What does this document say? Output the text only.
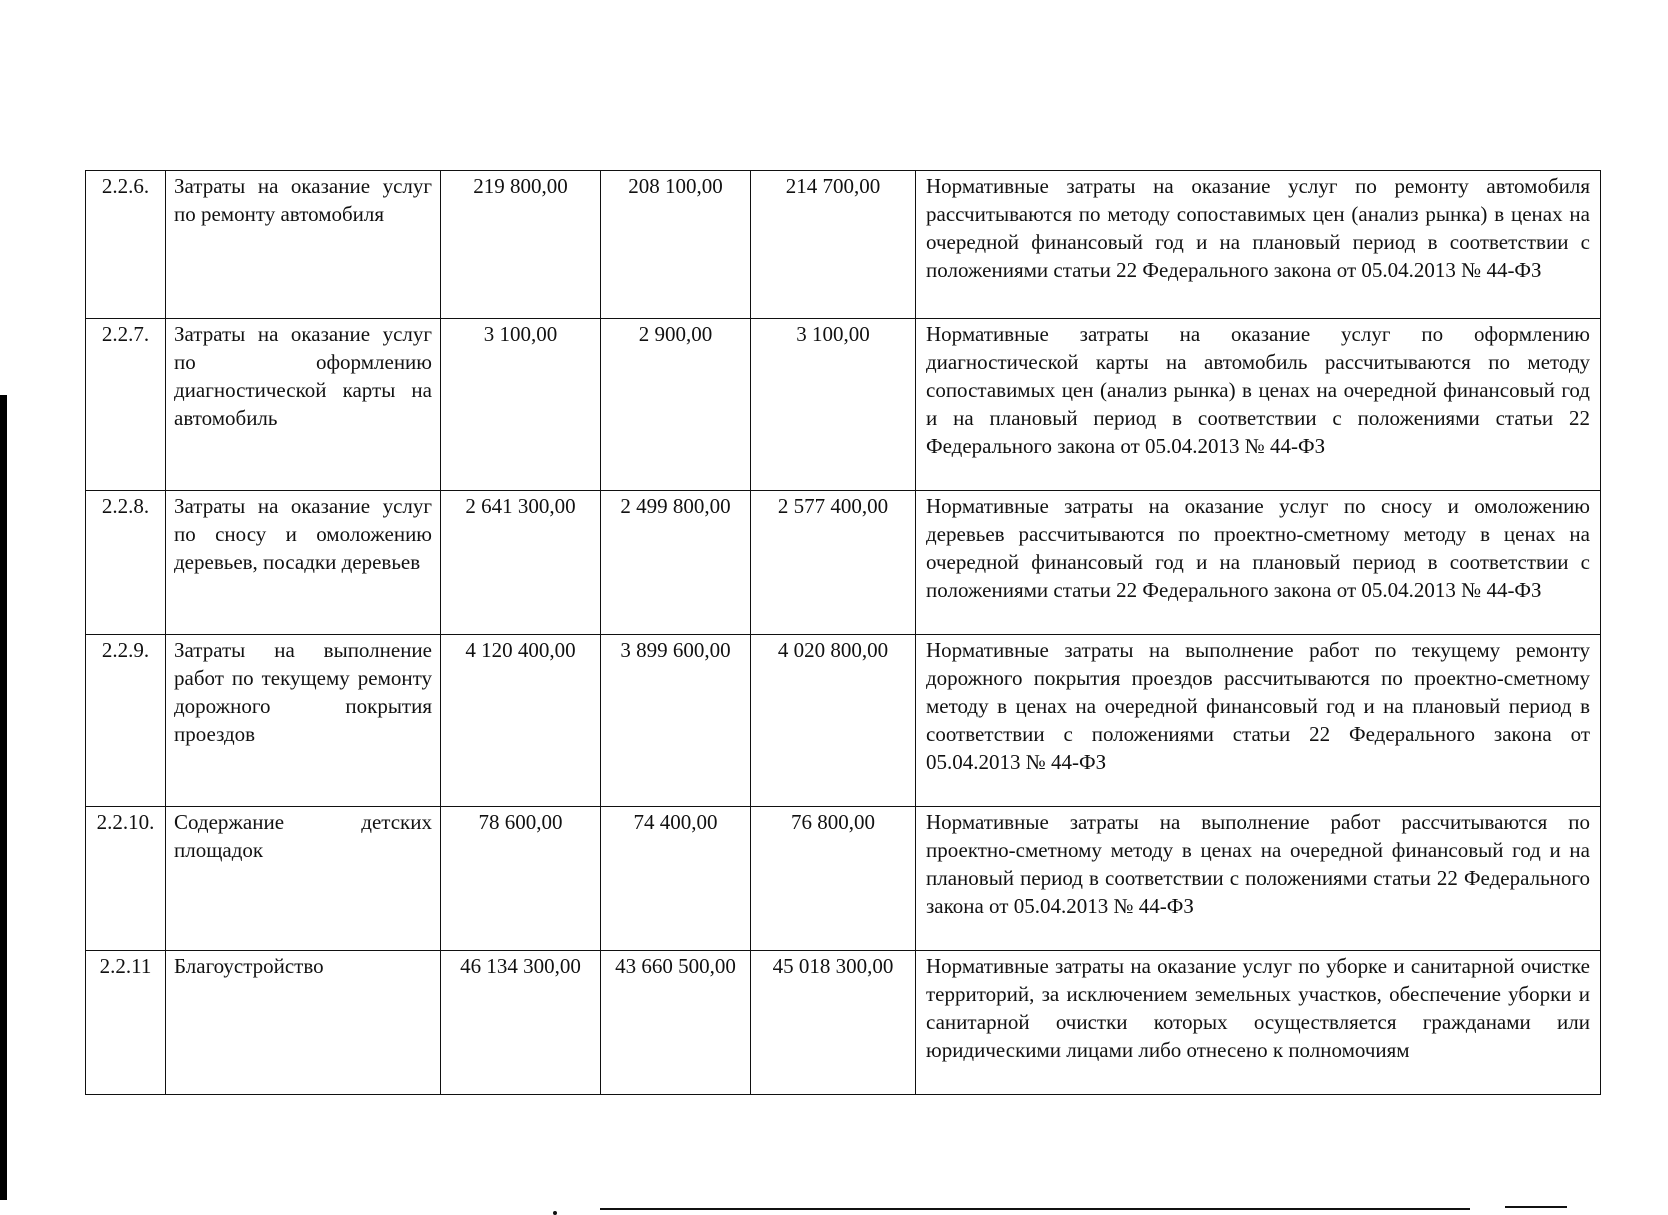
2.2.6.	Затраты на оказание услуг по ремонту автомобиля	219 800,00	208 100,00	214 700,00	Нормативные затраты на оказание услуг по ремонту автомобиля рассчитываются по методу сопоставимых цен (анализ рынка) в ценах на очередной финансовый год и на плановый период в соответствии с положениями статьи 22 Федерального закона от 05.04.2013 № 44-ФЗ
2.2.7.	Затраты на оказание услуг по оформлению диагностической карты на автомобиль	3 100,00	2 900,00	3 100,00	Нормативные затраты на оказание услуг по оформлению диагностической карты на автомобиль рассчитываются по методу сопоставимых цен (анализ рынка) в ценах на очередной финансовый год и на плановый период в соответствии с положениями статьи 22 Федерального закона от 05.04.2013 № 44-ФЗ
2.2.8.	Затраты на оказание услуг по сносу и омоложению деревьев, посадки деревьев	2 641 300,00	2 499 800,00	2 577 400,00	Нормативные затраты на оказание услуг по сносу и омоложению деревьев рассчитываются по проектно-сметному методу в ценах на очередной финансовый год и на плановый период в соответствии с положениями статьи 22 Федерального закона от 05.04.2013 № 44-ФЗ
2.2.9.	Затраты на выполнение работ по текущему ремонту дорожного покрытия проездов	4 120 400,00	3 899 600,00	4 020 800,00	Нормативные затраты на выполнение работ по текущему ремонту дорожного покрытия проездов рассчитываются по проектно-сметному методу в ценах на очередной финансовый год и на плановый период в соответствии с положениями статьи 22 Федерального закона от 05.04.2013 № 44-ФЗ
2.2.10.	Содержание детских площадок	78 600,00	74 400,00	76 800,00	Нормативные затраты на выполнение работ рассчитываются по проектно-сметному методу в ценах на очередной финансовый год и на плановый период в соответствии с положениями статьи 22 Федерального закона от 05.04.2013 № 44-ФЗ
2.2.11	Благоустройство	46 134 300,00	43 660 500,00	45 018 300,00	Нормативные затраты на оказание услуг по уборке и санитарной очистке территорий, за исключением земельных участков, обеспечение уборки и санитарной очистки которых осуществляется гражданами или юридическими лицами либо отнесено к полномочиям
